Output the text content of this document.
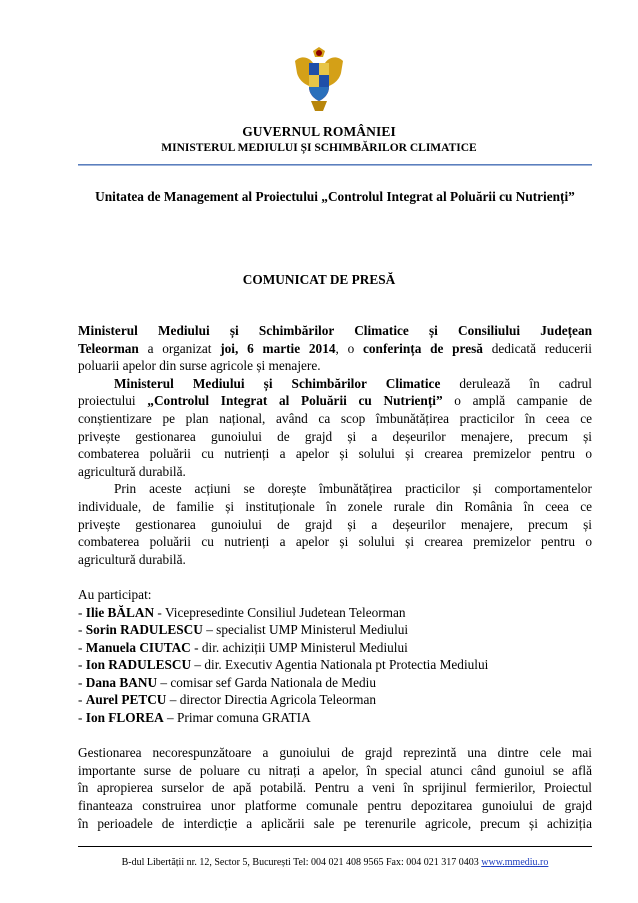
GUVERNUL ROMÂNIEI
MINISTERUL MEDIULUI ȘI SCHIMBĂRILOR CLIMATICE
Unitatea de Management al Proiectului „Controlul Integrat al Poluării cu Nutrienți”
COMUNICAT DE PRESĂ

Ministerul Mediului și Schimbărilor Climatice și Consiliului Județean

Teleorman a organizat joi, 6 martie 2014, o conferința de presă dedicată reducerii

poluarii apelor din surse agricole și menajere.

Ministerul Mediului și Schimbărilor Climatice derulează în cadrul

proiectului „Controlul Integrat al Poluării cu Nutrienți” o amplă campanie de

conștientizare pe plan național, având ca scop îmbunătățirea practicilor în ceea ce

privește gestionarea gunoiului de grajd și a deșeurilor menajere, precum și

combaterea poluării cu nutrienți a apelor și solului și crearea premizelor pentru o

agricultură durabilă.

Prin aceste acțiuni se dorește îmbunătățirea practicilor și comportamentelor

individuale, de familie și instituționale în zonele rurale din România în ceea ce

privește gestionarea gunoiului de grajd și a deșeurilor menajere, precum și

combaterea poluării cu nutrienți a apelor și solului și crearea premizelor pentru o

agricultură durabilă.

Au participat:

- Ilie BĂLAN - Vicepresedinte Consiliul Judetean Teleorman

- Sorin RADULESCU – specialist UMP Ministerul Mediului

- Manuela CIUTAC - dir. achiziții UMP Ministerul Mediului

- Ion RADULESCU – dir. Executiv Agentia Nationala pt Protectia Mediului

- Dana BANU – comisar sef Garda Nationala de Mediu

- Aurel PETCU – director Directia Agricola Teleorman

- Ion FLOREA – Primar comuna GRATIA

Gestionarea necorespunzătoare a gunoiului de grajd reprezintă una dintre cele mai

importante surse de poluare cu nitrați a apelor, în special atunci când gunoiul se află

în apropierea surselor de apă potabilă. Pentru a veni în sprijinul fermierilor, Proiectul

finanteaza construirea unor platforme comunale pentru depozitarea gunoiului de grajd

în perioadele de interdicție a aplicării sale pe terenurile agricole, precum și achiziția

B-dul Libertății nr. 12, Sector 5, București Tel: 004 021 408 9565 Fax: 004 021 317 0403 www.mmediu.ro
